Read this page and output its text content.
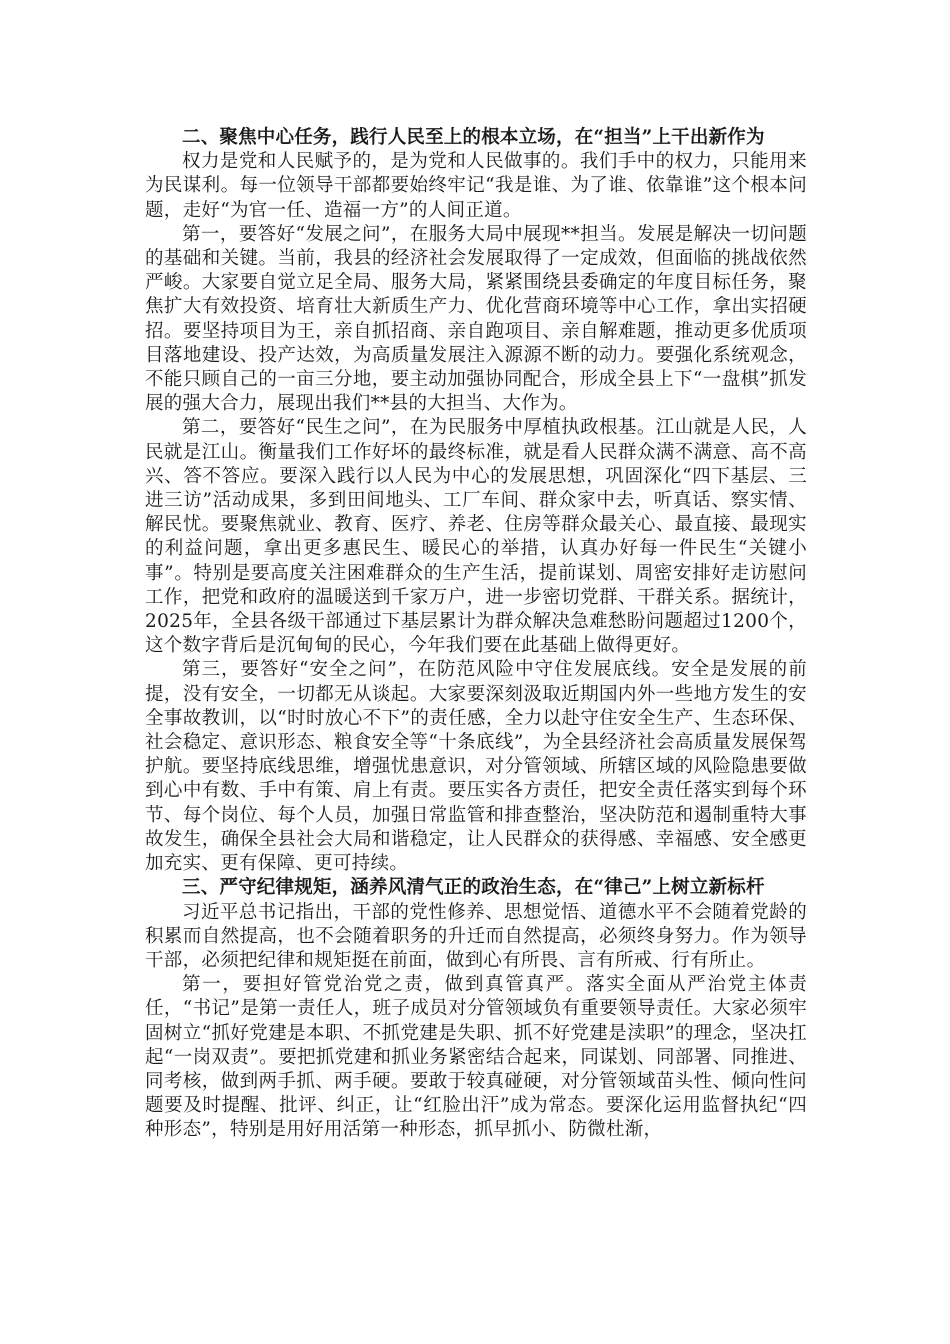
二、聚焦中心任务，践行人民至上的根本立场，在“担当”上干出新作为

权力是党和人民赋予的，是为党和人民做事的。我们手中的权力，只能用来为民谋利。每一位领导干部都要始终牢记“我是谁、为了谁、依靠谁”这个根本问题，走好“为官一任、造福一方”的人间正道。

第一，要答好“发展之问”，在服务大局中展现**担当。发展是解决一切问题的基础和关键。当前，我县的经济社会发展取得了一定成效，但面临的挑战依然严峻。大家要自觉立足全局、服务大局，紧紧围绕县委确定的年度目标任务，聚焦扩大有效投资、培育壮大新质生产力、优化营商环境等中心工作，拿出实招硬招。要坚持项目为王，亲自抓招商、亲自跑项目、亲自解难题，推动更多优质项目落地建设、投产达效，为高质量发展注入源源不断的动力。要强化系统观念，不能只顾自己的一亩三分地，要主动加强协同配合，形成全县上下“一盘棋”抓发展的强大合力，展现出我们**县的大担当、大作为。

第二，要答好“民生之问”，在为民服务中厚植执政根基。江山就是人民，人民就是江山。衡量我们工作好坏的最终标准，就是看人民群众满不满意、高不高兴、答不答应。要深入践行以人民为中心的发展思想，巩固深化“四下基层、三进三访”活动成果，多到田间地头、工厂车间、群众家中去，听真话、察实情、解民忧。要聚焦就业、教育、医疗、养老、住房等群众最关心、最直接、最现实的利益问题，拿出更多惠民生、暖民心的举措，认真办好每一件民生“关键小事”。特别是要高度关注困难群众的生产生活，提前谋划、周密安排好走访慰问工作，把党和政府的温暖送到千家万户，进一步密切党群、干群关系。据统计，2025年，全县各级干部通过下基层累计为群众解决急难愁盼问题超过1200个，这个数字背后是沉甸甸的民心，今年我们要在此基础上做得更好。

第三，要答好“安全之问”，在防范风险中守住发展底线。安全是发展的前提，没有安全，一切都无从谈起。大家要深刻汲取近期国内外一些地方发生的安全事故教训，以“时时放心不下”的责任感，全力以赴守住安全生产、生态环保、社会稳定、意识形态、粮食安全等“十条底线”，为全县经济社会高质量发展保驾护航。要坚持底线思维，增强忧患意识，对分管领域、所辖区域的风险隐患要做到心中有数、手中有策、肩上有责。要压实各方责任，把安全责任落实到每个环节、每个岗位、每个人员，加强日常监管和排查整治，坚决防范和遏制重特大事故发生，确保全县社会大局和谐稳定，让人民群众的获得感、幸福感、安全感更加充实、更有保障、更可持续。

三、严守纪律规矩，涵养风清气正的政治生态，在“律己”上树立新标杆

习近平总书记指出，干部的党性修养、思想觉悟、道德水平不会随着党龄的积累而自然提高，也不会随着职务的升迁而自然提高，必须终身努力。作为领导干部，必须把纪律和规矩挺在前面，做到心有所畏、言有所戒、行有所止。

第一，要担好管党治党之责，做到真管真严。落实全面从严治党主体责任，“书记”是第一责任人，班子成员对分管领域负有重要领导责任。大家必须牢固树立“抓好党建是本职、不抓党建是失职、抓不好党建是渎职”的理念，坚决扛起“一岗双责”。要把抓党建和抓业务紧密结合起来，同谋划、同部署、同推进、同考核，做到两手抓、两手硬。要敢于较真碰硬，对分管领域苗头性、倾向性问题要及时提醒、批评、纠正，让“红脸出汗”成为常态。要深化运用监督执纪“四种形态”，特别是用好用活第一种形态，抓早抓小、防微杜渐，
